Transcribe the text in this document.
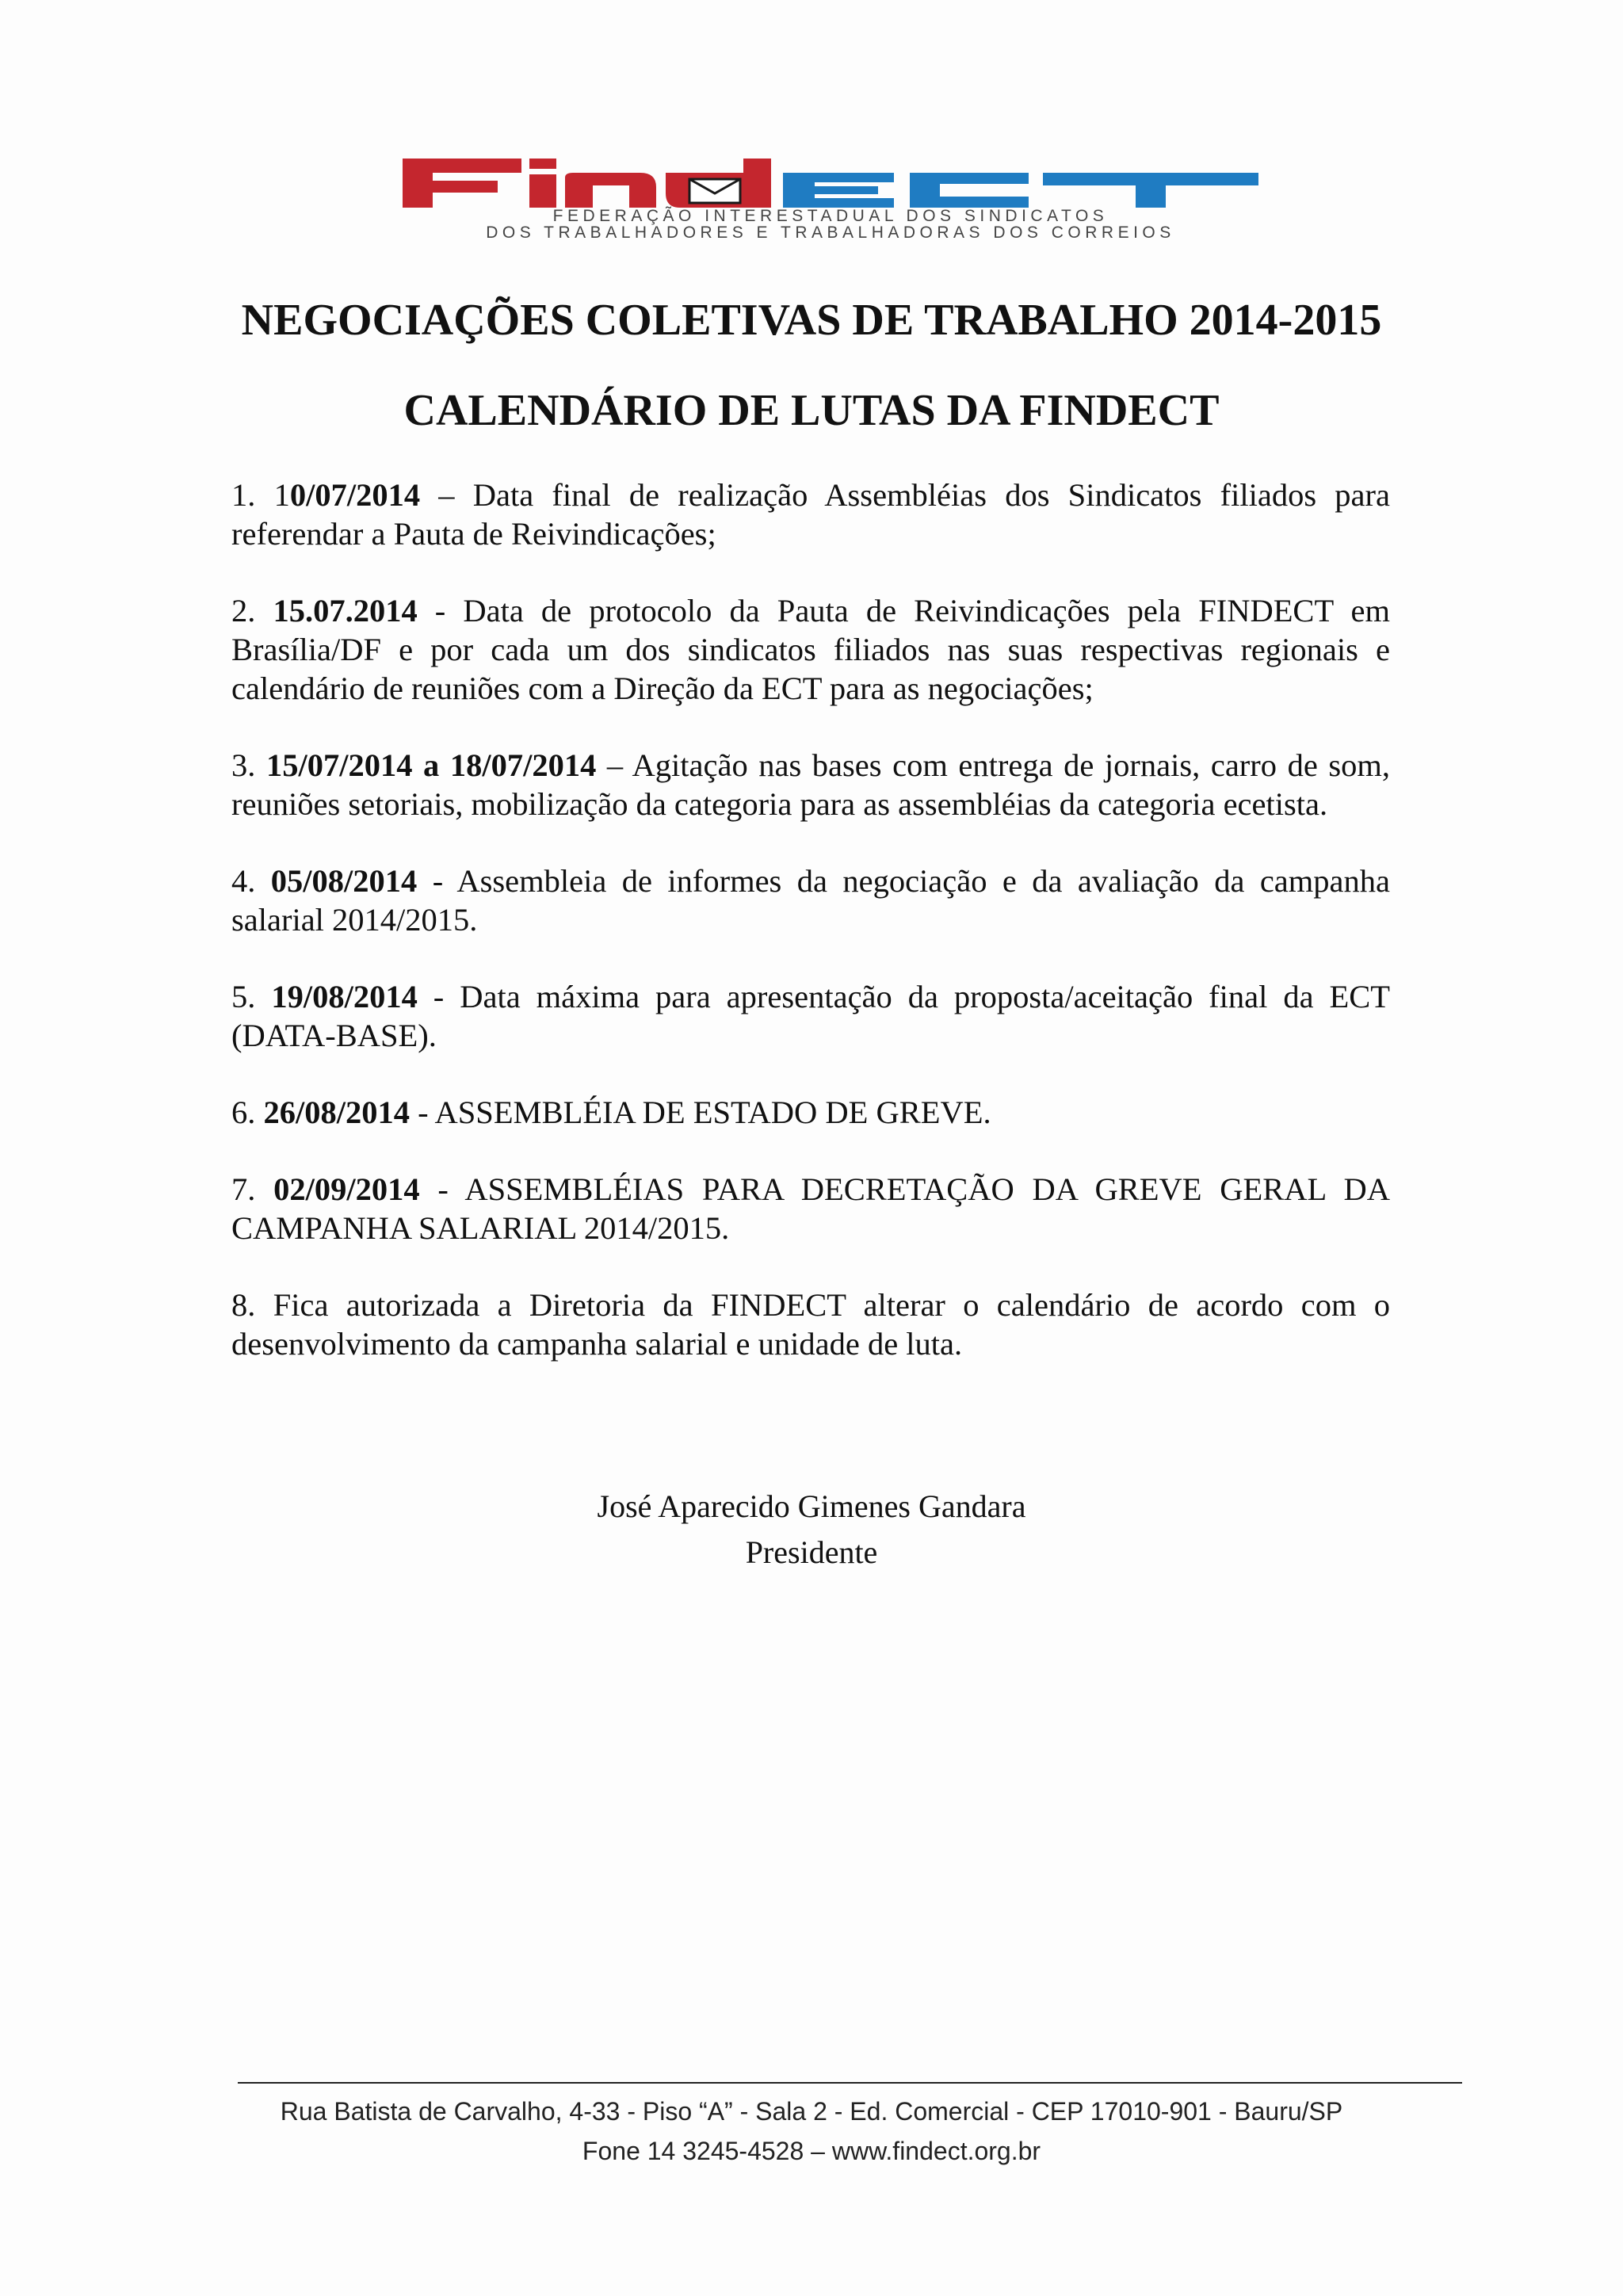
FEDERAÇÃO INTERESTADUAL DOS SINDICATOS
DOS TRABALHADORES E TRABALHADORAS DOS CORREIOS
NEGOCIAÇÕES COLETIVAS DE TRABALHO 2014-2015
CALENDÁRIO DE LUTAS DA FINDECT

1. 10/07/2014 – Data final de realização Assembléias dos Sindicatos filiados para referendar a Pauta de Reivindicações;

2. 15.07.2014 - Data de protocolo da Pauta de Reivindicações pela FINDECT em Brasília/DF e por cada um dos sindicatos filiados nas suas respectivas regionais e calendário de reuniões com a Direção da ECT para as negociações;

3. 15/07/2014 a 18/07/2014 – Agitação nas bases com entrega de jornais, carro de som, reuniões setoriais, mobilização da categoria para as assembléias da categoria ecetista.

4. 05/08/2014 - Assembleia de informes da negociação e da avaliação da campanha salarial 2014/2015.

5. 19/08/2014 - Data máxima para apresentação da proposta/aceitação final da ECT (DATA-BASE).

6. 26/08/2014 - ASSEMBLÉIA DE ESTADO DE GREVE.

7. 02/09/2014 - ASSEMBLÉIAS PARA DECRETAÇÃO DA GREVE GERAL DA CAMPANHA SALARIAL 2014/2015.

8. Fica autorizada a Diretoria da FINDECT alterar o calendário de acordo com o desenvolvimento da campanha salarial e unidade de luta.

José Aparecido Gimenes Gandara
Presidente
Rua Batista de Carvalho, 4-33 - Piso “A” - Sala 2 - Ed. Comercial - CEP 17010-901 - Bauru/SP
Fone 14 3245-4528 – www.findect.org.br
